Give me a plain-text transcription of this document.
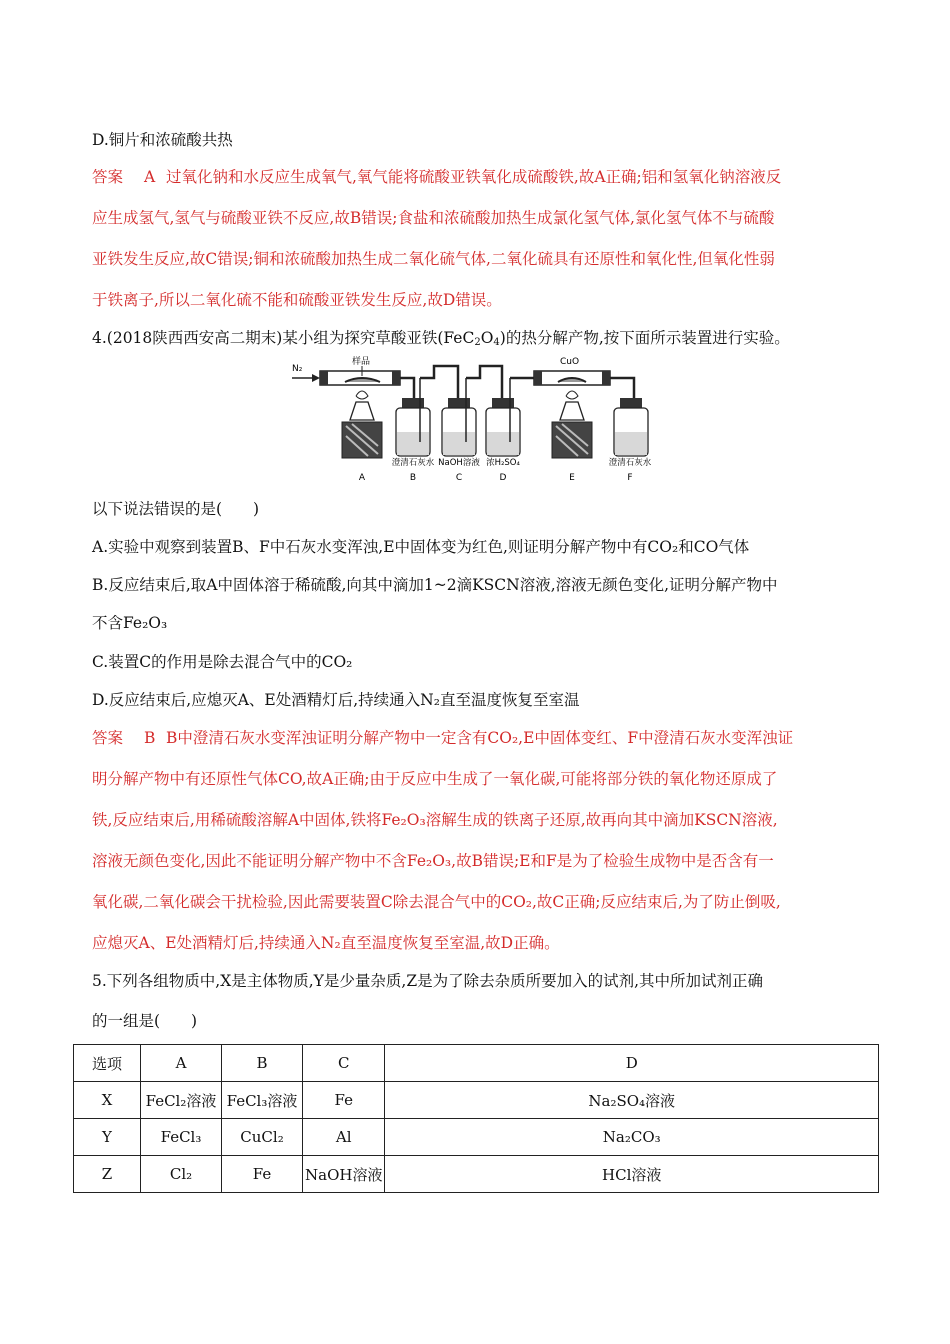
D.铜片和浓硫酸共热
答案 A 过氧化钠和水反应生成氧气,氧气能将硫酸亚铁氧化成硫酸铁,故A正确;铝和氢氧化钠溶液反
应生成氢气,氢气与硫酸亚铁不反应,故B错误;食盐和浓硫酸加热生成氯化氢气体,氯化氢气体不与硫酸
亚铁发生反应,故C错误;铜和浓硫酸加热生成二氧化硫气体,二氧化硫具有还原性和氧化性,但氧化性弱
于铁离子,所以二氧化硫不能和硫酸亚铁发生反应,故D错误。
4.(2018陕西西安高二期末)某小组为探究草酸亚铁$(FeC_2O_4)$的热分解产物,按下面所示装置进行实验。
N₂
样品	CuO
澄清石灰水 NaOH溶液 浓H₂SO₄	澄清石灰水
A	B	C	D	E	F
以下说法错误的是(　　)
A.实验中观察到装置B、F中石灰水变浑浊,E中固体变为红色,则证明分解产物中有CO₂和CO气体
B.反应结束后,取A中固体溶于稀硫酸,向其中滴加1~2滴KSCN溶液,溶液无颜色变化,证明分解产物中
不含Fe₂O₃
C.装置C的作用是除去混合气中的CO₂
D.反应结束后,应熄灭A、E处酒精灯后,持续通入N₂直至温度恢复至室温
答案 B B中澄清石灰水变浑浊证明分解产物中一定含有CO₂,E中固体变红、F中澄清石灰水变浑浊证
明分解产物中有还原性气体CO,故A正确;由于反应中生成了一氧化碳,可能将部分铁的氧化物还原成了
铁,反应结束后,用稀硫酸溶解A中固体,铁将Fe₂O₃溶解生成的铁离子还原,故再向其中滴加KSCN溶液,
溶液无颜色变化,因此不能证明分解产物中不含Fe₂O₃,故B错误;E和F是为了检验生成物中是否含有一
氧化碳,二氧化碳会干扰检验,因此需要装置C除去混合气中的CO₂,故C正确;反应结束后,为了防止倒吸,
应熄灭A、E处酒精灯后,持续通入N₂直至温度恢复至室温,故D正确。
5.下列各组物质中,X是主体物质,Y是少量杂质,Z是为了除去杂质所要加入的试剂,其中所加试剂正确
的一组是(　　)
选项	A	B	C	D
X	FeCl₂溶液	FeCl₃溶液	Fe	Na₂SO₄溶液
Y	FeCl₃	CuCl₂	Al	Na₂CO₃
Z	Cl₂	Fe	NaOH溶液	HCl溶液
